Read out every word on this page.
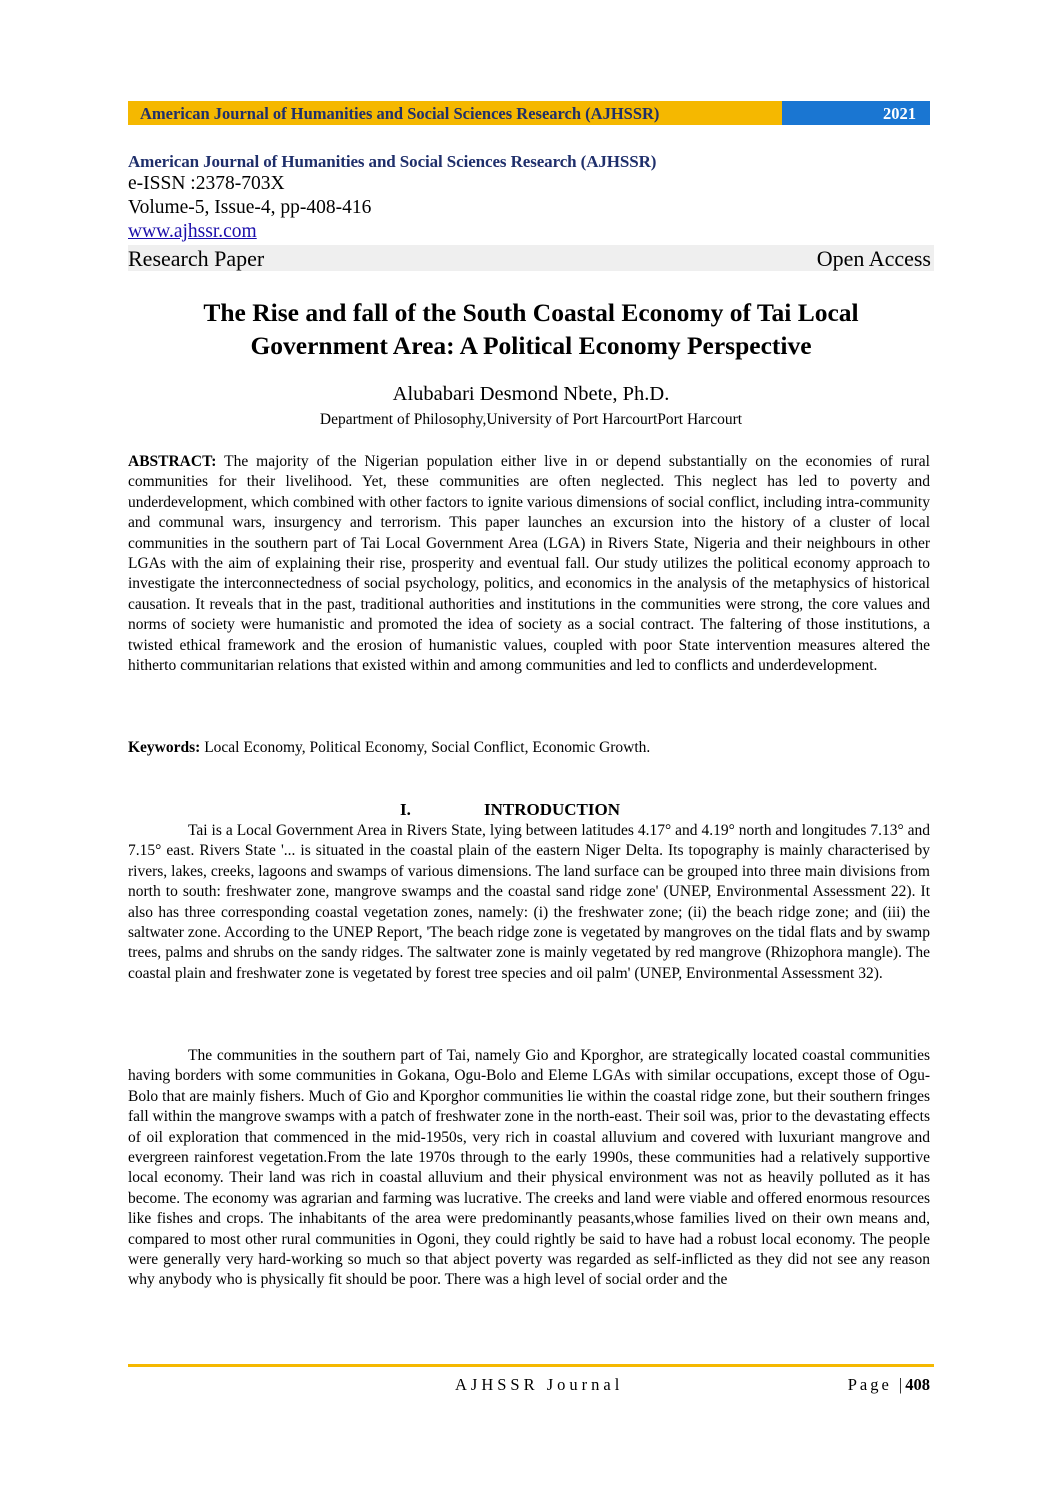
American Journal of Humanities and Social Sciences Research (AJHSSR)	2021
American Journal of Humanities and Social Sciences Research (AJHSSR)
e-ISSN :2378-703X
Volume-5, Issue-4, pp-408-416
www.ajhssr.com
Research Paper	Open Access
The Rise and fall of the South Coastal Economy of Tai Local
Government Area: A Political Economy Perspective
Alubabari Desmond Nbete, Ph.D.
Department of Philosophy,University of Port HarcourtPort Harcourt
ABSTRACT: The majority of the Nigerian population either live in or depend substantially on the economies of rural communities for their livelihood. Yet, these communities are often neglected. This neglect has led to poverty and underdevelopment, which combined with other factors to ignite various dimensions of social conflict, including intra-community and communal wars, insurgency and terrorism. This paper launches an excursion into the history of a cluster of local communities in the southern part of Tai Local Government Area (LGA) in Rivers State, Nigeria and their neighbours in other LGAs with the aim of explaining their rise, prosperity and eventual fall. Our study utilizes the political economy approach to investigate the interconnectedness of social psychology, politics, and economics in the analysis of the metaphysics of historical causation. It reveals that in the past, traditional authorities and institutions in the communities were strong, the core values and norms of society were humanistic and promoted the idea of society as a social contract. The faltering of those institutions, a twisted ethical framework and the erosion of humanistic values, coupled with poor State intervention measures altered the hitherto communitarian relations that existed within and among communities and led to conflicts and underdevelopment.
Keywords: Local Economy, Political Economy, Social Conflict, Economic Growth.
I.	INTRODUCTION
Tai is a Local Government Area in Rivers State, lying between latitudes 4.17° and 4.19° north and longitudes 7.13° and 7.15° east. Rivers State '... is situated in the coastal plain of the eastern Niger Delta. Its topography is mainly characterised by rivers, lakes, creeks, lagoons and swamps of various dimensions. The land surface can be grouped into three main divisions from north to south: freshwater zone, mangrove swamps and the coastal sand ridge zone' (UNEP, Environmental Assessment 22). It also has three corresponding coastal vegetation zones, namely: (i) the freshwater zone; (ii) the beach ridge zone; and (iii) the saltwater zone. According to the UNEP Report, 'The beach ridge zone is vegetated by mangroves on the tidal flats and by swamp trees, palms and shrubs on the sandy ridges. The saltwater zone is mainly vegetated by red mangrove (Rhizophora mangle). The coastal plain and freshwater zone is vegetated by forest tree species and oil palm' (UNEP, Environmental Assessment 32).
The communities in the southern part of Tai, namely Gio and Kporghor, are strategically located coastal communities having borders with some communities in Gokana, Ogu-Bolo and Eleme LGAs with similar occupations, except those of Ogu-Bolo that are mainly fishers. Much of Gio and Kporghor communities lie within the coastal ridge zone, but their southern fringes fall within the mangrove swamps with a patch of freshwater zone in the north-east. Their soil was, prior to the devastating effects of oil exploration that commenced in the mid-1950s, very rich in coastal alluvium and covered with luxuriant mangrove and evergreen rainforest vegetation.From the late 1970s through to the early 1990s, these communities had a relatively supportive local economy. Their land was rich in coastal alluvium and their physical environment was not as heavily polluted as it has become. The economy was agrarian and farming was lucrative. The creeks and land were viable and offered enormous resources like fishes and crops. The inhabitants of the area were predominantly peasants,whose families lived on their own means and, compared to most other rural communities in Ogoni, they could rightly be said to have had a robust local economy. The people were generally very hard-working so much so that abject poverty was regarded as self-inflicted as they did not see any reason why anybody who is physically fit should be poor. There was a high level of social order and the
AJHSSR Journal	Page |408
